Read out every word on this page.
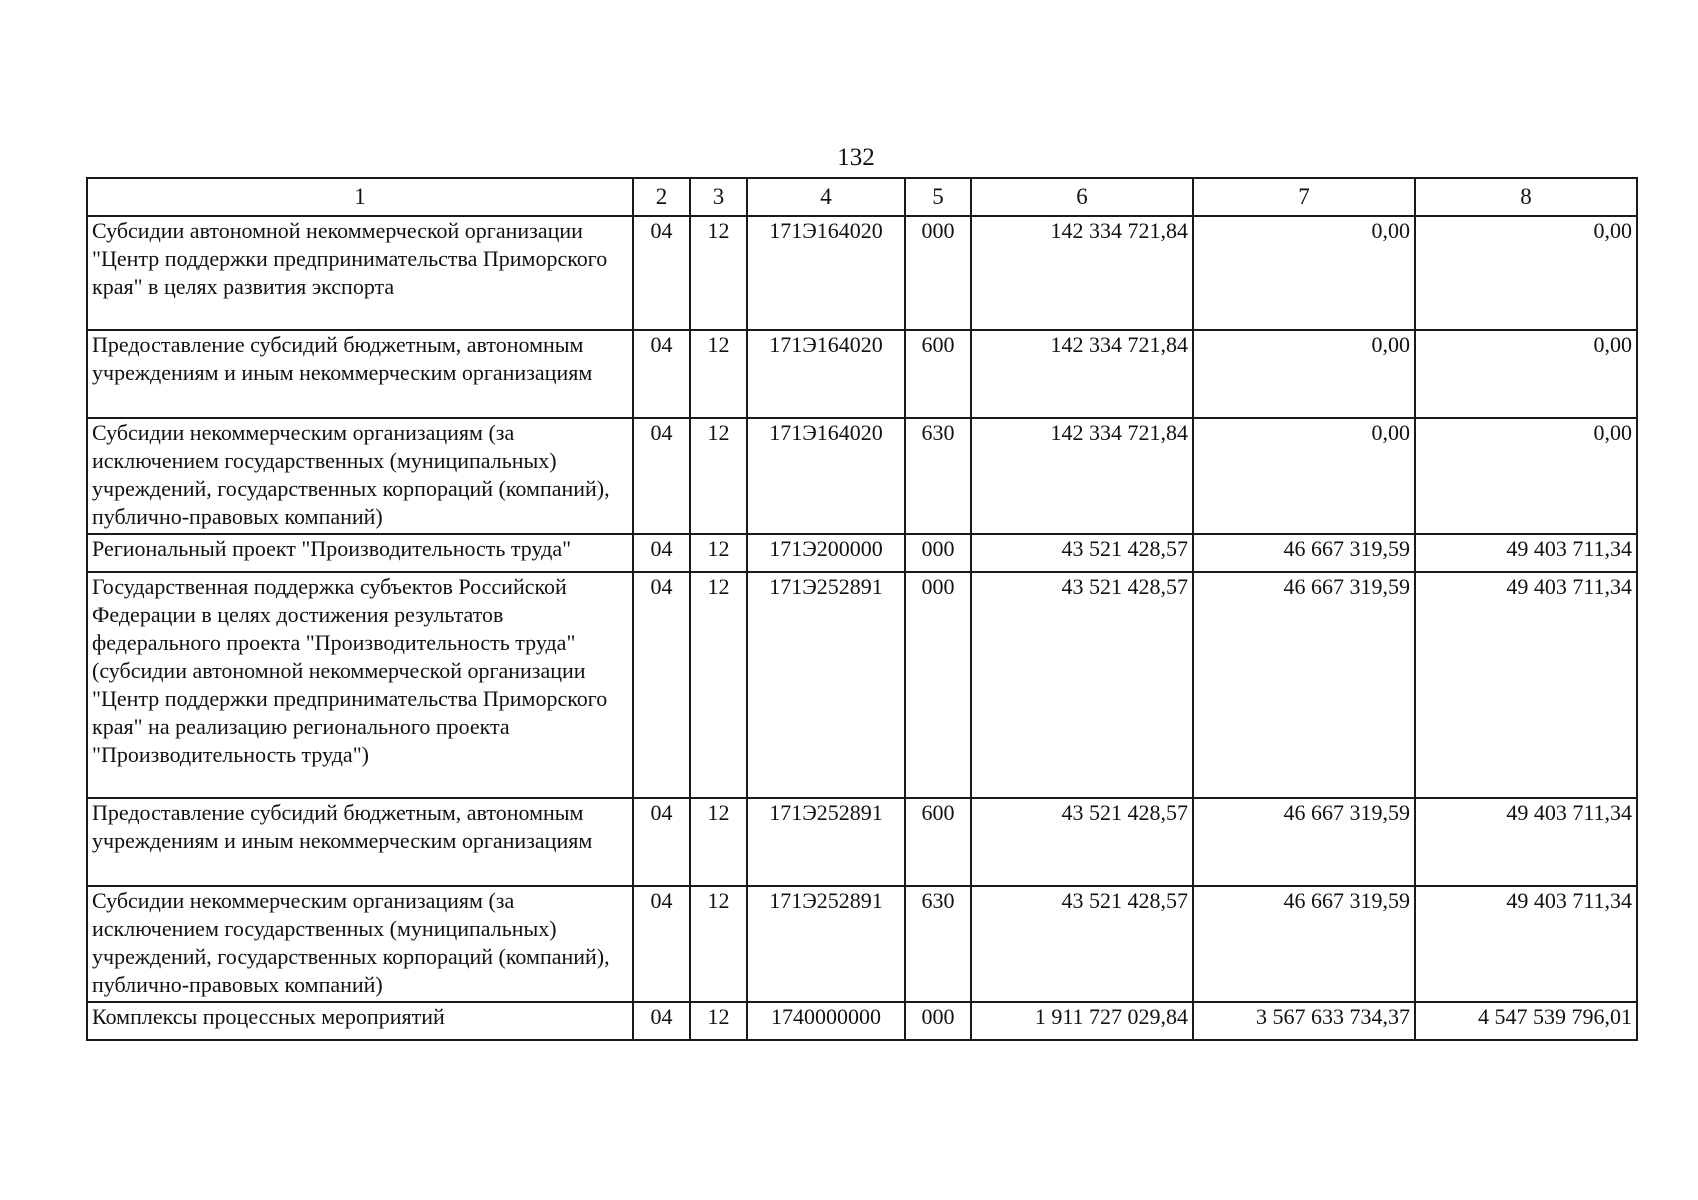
132
1	2	3	4	5	6	7	8
Субсидии автономной некоммерческой организации "Центр поддержки предпринимательства Приморского края" в целях развития экспорта	04	12	171Э164020	000	142 334 721,84	0,00	0,00
Предоставление субсидий бюджетным, автономным учреждениям и иным некоммерческим организациям	04	12	171Э164020	600	142 334 721,84	0,00	0,00
Субсидии некоммерческим организациям (за исключением государственных (муниципальных) учреждений, государственных корпораций (компаний), публично-правовых компаний)	04	12	171Э164020	630	142 334 721,84	0,00	0,00
Региональный проект "Производительность труда"	04	12	171Э200000	000	43 521 428,57	46 667 319,59	49 403 711,34
Государственная поддержка субъектов Российской Федерации в целях достижения результатов федерального проекта "Производительность труда" (субсидии автономной некоммерческой организации "Центр поддержки предпринимательства Приморского края" на реализацию регионального проекта "Производительность труда")	04	12	171Э252891	000	43 521 428,57	46 667 319,59	49 403 711,34
Предоставление субсидий бюджетным, автономным учреждениям и иным некоммерческим организациям	04	12	171Э252891	600	43 521 428,57	46 667 319,59	49 403 711,34
Субсидии некоммерческим организациям (за исключением государственных (муниципальных) учреждений, государственных корпораций (компаний), публично-правовых компаний)	04	12	171Э252891	630	43 521 428,57	46 667 319,59	49 403 711,34
Комплексы процессных мероприятий	04	12	1740000000	000	1 911 727 029,84	3 567 633 734,37	4 547 539 796,01
